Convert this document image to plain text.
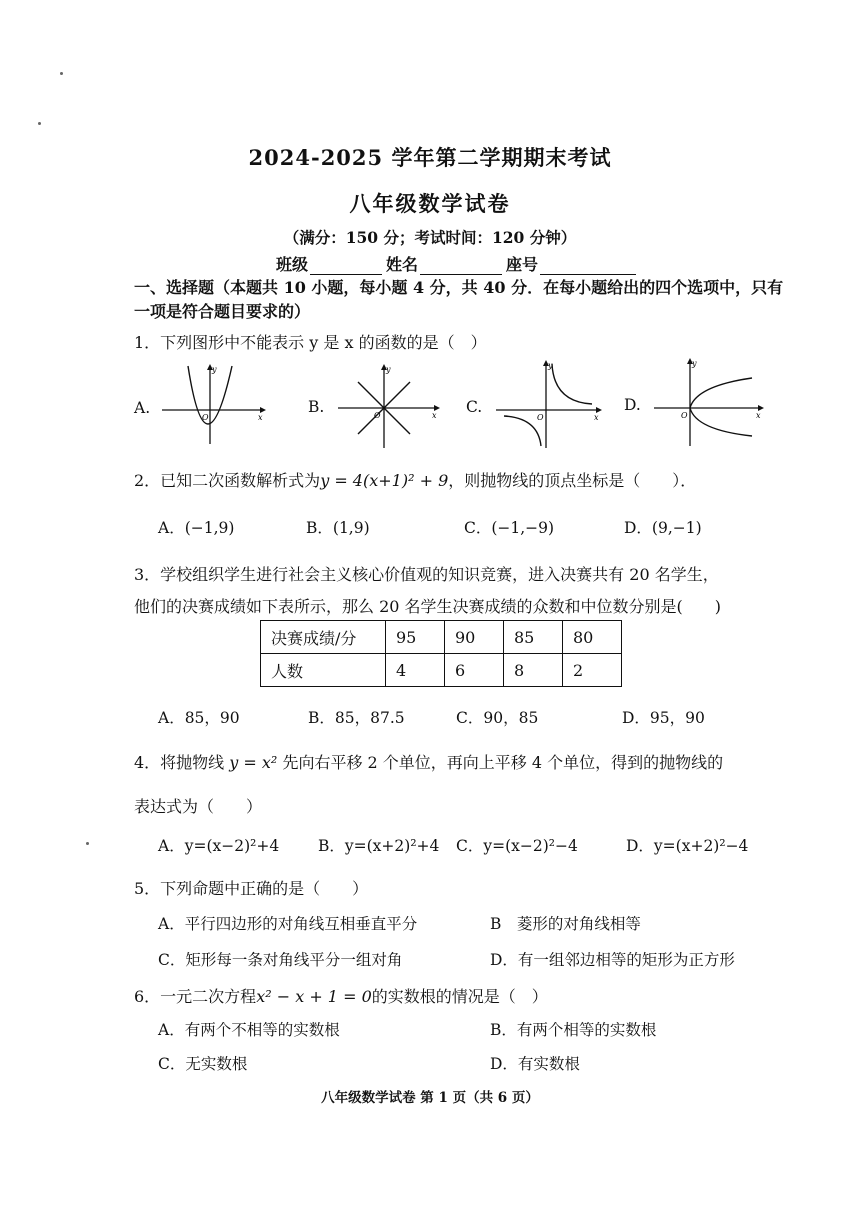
2024-2025 学年第二学期期末考试
八年级数学试卷
（满分：150 分；考试时间：120 分钟）
班级	姓名	座号
一、选择题（本题共 10 小题，每小题 4 分，共 40 分．在每小题给出的四个选项中，只有一项是符合题目要求的）
1．下列图形中不能表示 y 是 x 的函数的是（　）
A.
y
x
O
B.
y
x
O	C.
y
x
O
D.
y
x
O
2．已知二次函数解析式为y = 4(x+1)² + 9，则抛物线的顶点坐标是（　　）．
A．(−1,9)	B．(1,9)	C．(−1,−9)	D．(9,−1)
3．学校组织学生进行社会主义核心价值观的知识竞赛，进入决赛共有 20 名学生，
他们的决赛成绩如下表所示，那么 20 名学生决赛成绩的众数和中位数分别是(　　)
决赛成绩/分	95	90	85	80
人数	4	6	8	2
A．85，90	B．85，87.5	C．90，85	D．95，90
4．将抛物线 y = x² 先向右平移 2 个单位，再向上平移 4 个单位，得到的抛物线的
表达式为（　　）
A．y=(x−2)²+4	B．y=(x+2)²+4 C．y=(x−2)²−4	D．y=(x+2)²−4
5．下列命题中正确的是（　　）
A．平行四边形的对角线互相垂直平分	B　菱形的对角线相等
C．矩形每一条对角线平分一组对角	D．有一组邻边相等的矩形为正方形
6．一元二次方程x² − x + 1 = 0的实数根的情况是（　）
A．有两个不相等的实数根	B．有两个相等的实数根
C．无实数根	D．有实数根
八年级数学试卷 第 1 页（共 6 页）
